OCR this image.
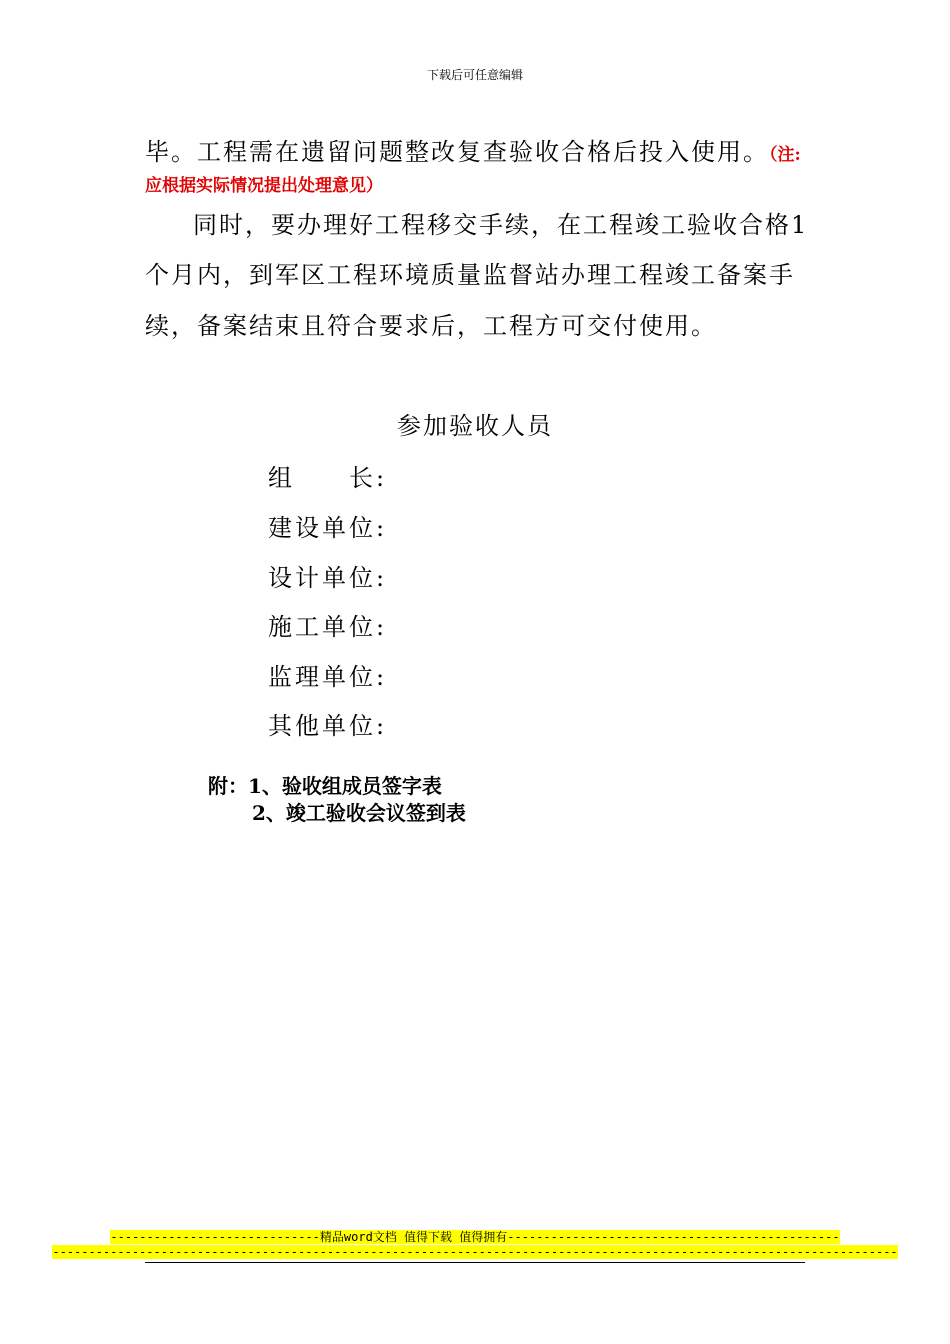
下载后可任意编辑
毕。工程需在遗留问题整改复查验收合格后投入使用。（注:
应根据实际情况提出处理意见）
同时，要办理好工程移交手续，在工程竣工验收合格1
个月内，到军区工程环境质量监督站办理工程竣工备案手
续，备案结束且符合要求后，工程方可交付使用。
参加验收人员
组　　长:
建设单位:
设计单位:
施工单位:
监理单位:
其他单位:
附：1、验收组成员签字表
2、竣工验收会议签到表
-----------------------------精品word文档 值得下载 值得拥有----------------------------------------------
---------------------------------------------------------------------------------------------------------------------
